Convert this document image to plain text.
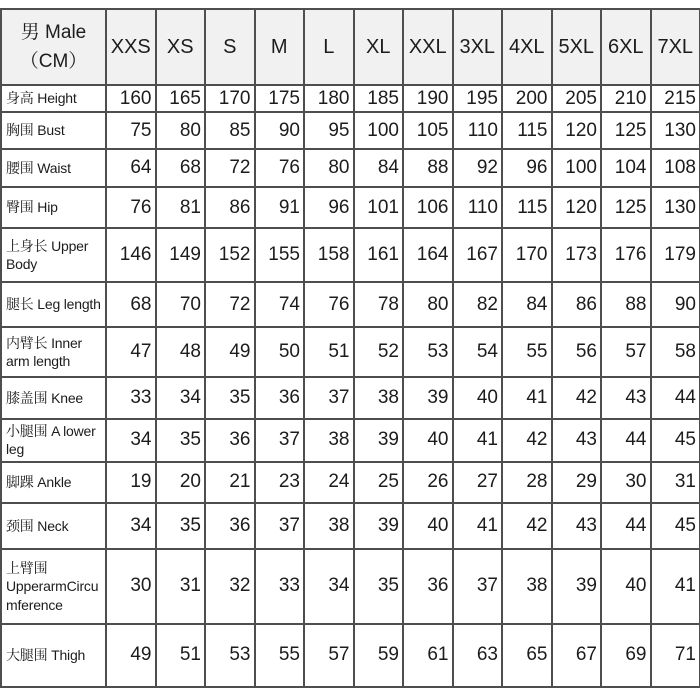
男 Male
（CM）	XXS	XS	S	M	L	XL	XXL	3XL	4XL	5XL	6XL	7XL
身高 Height	160	165	170	175	180	185	190	195	200	205	210	215
胸围 Bust	75	80	85	90	95	100	105	110	115	120	125	130
腰围 Waist	64	68	72	76	80	84	88	92	96	100	104	108
臀围 Hip	76	81	86	91	96	101	106	110	115	120	125	130
上身长 Upper Body	146	149	152	155	158	161	164	167	170	173	176	179
腿长 Leg length	68	70	72	74	76	78	80	82	84	86	88	90
内臂长 Inner arm length	47	48	49	50	51	52	53	54	55	56	57	58
膝盖围 Knee	33	34	35	36	37	38	39	40	41	42	43	44
小腿围 A lower leg	34	35	36	37	38	39	40	41	42	43	44	45
脚踝 Ankle	19	20	21	23	24	25	26	27	28	29	30	31
颈围 Neck	34	35	36	37	38	39	40	41	42	43	44	45
上臂围 UpperarmCircumference	30	31	32	33	34	35	36	37	38	39	40	41
大腿围 Thigh	49	51	53	55	57	59	61	63	65	67	69	71
